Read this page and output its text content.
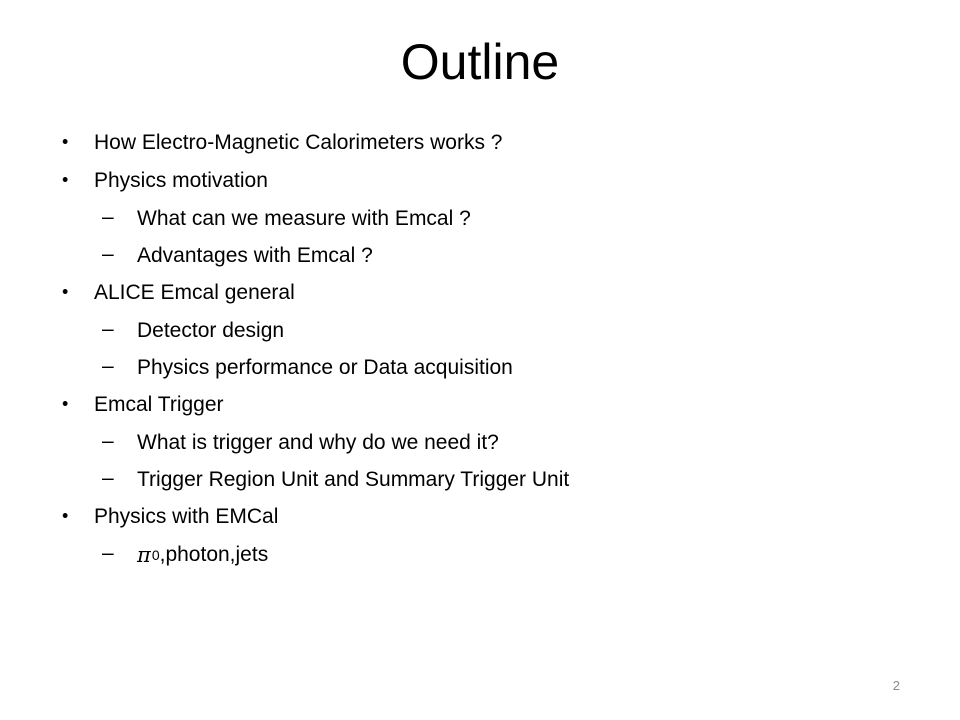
Outline
• How Electro-Magnetic Calorimeters works ?
• Physics motivation
– What can we measure with Emcal ?
– Advantages with Emcal ?
• ALICE Emcal general
– Detector design
– Physics performance or Data acquisition
• Emcal Trigger
– What is trigger and why do we need it?
– Trigger Region Unit and Summary Trigger Unit
• Physics with EMCal
– π 0 ,photon,jets
2
